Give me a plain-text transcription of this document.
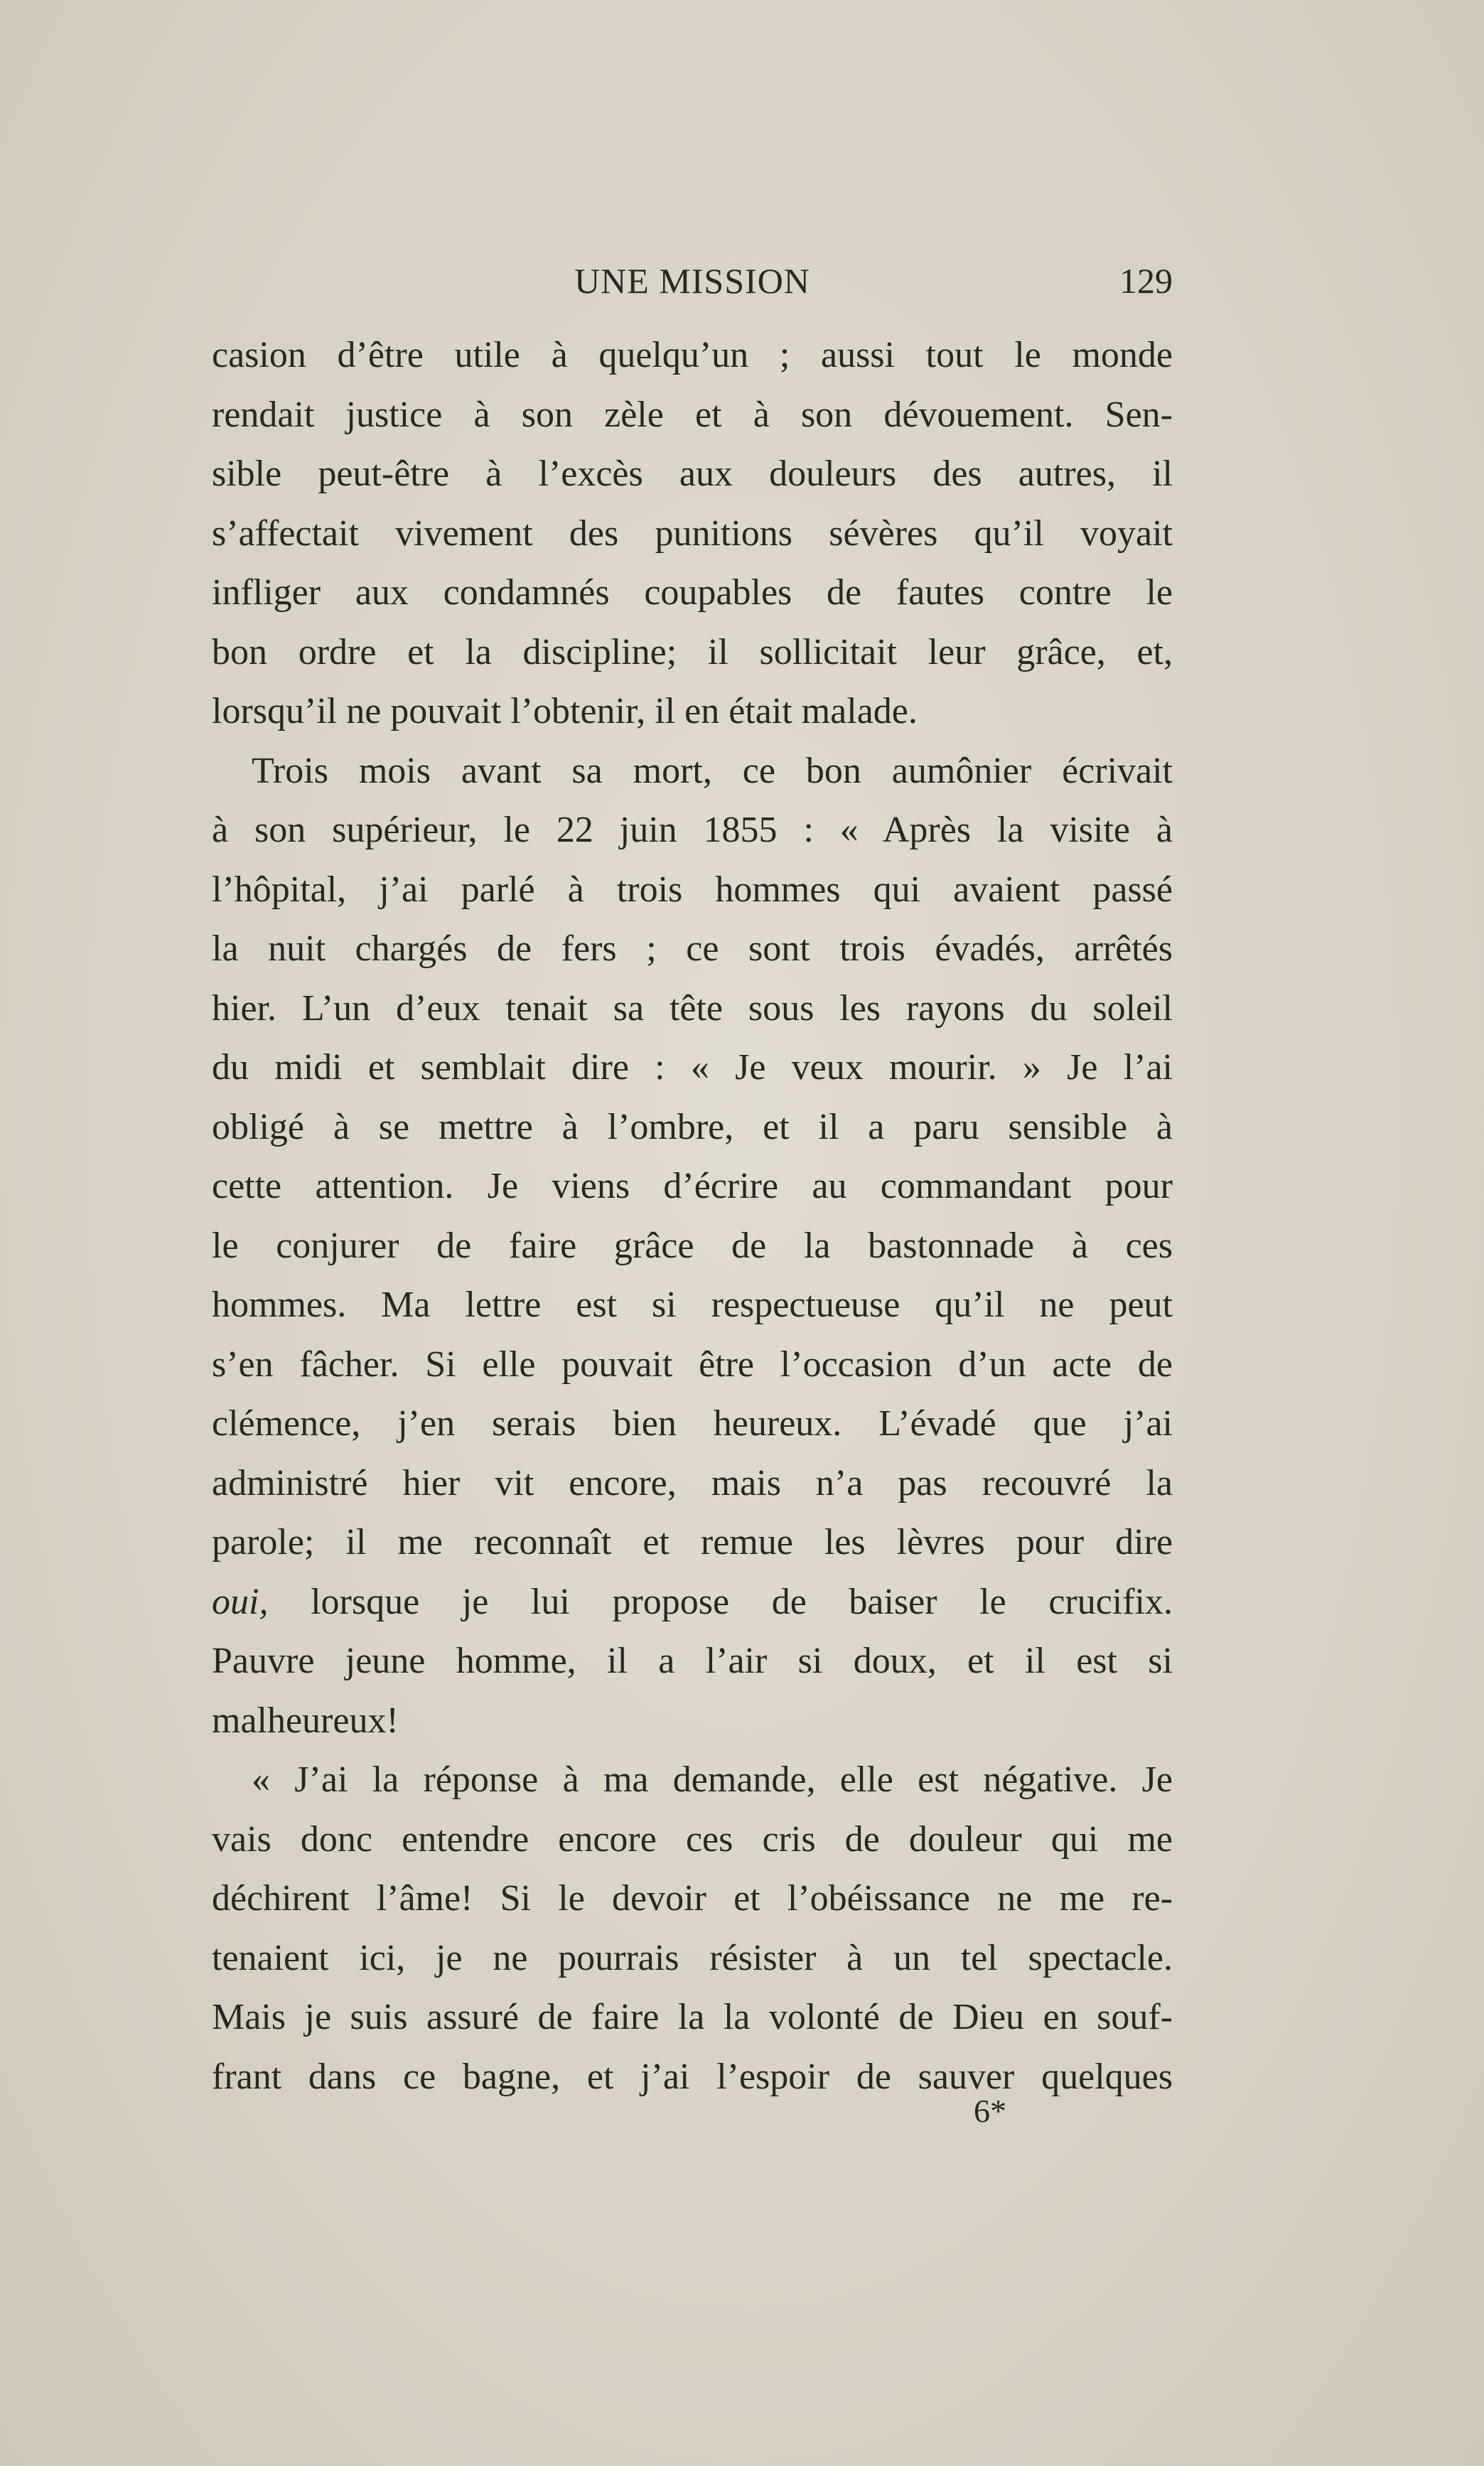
UNE MISSION	129
casion d’être utile à quelqu’un ; aussi tout le monde
rendait justice à son zèle et à son dévouement. Sen-
sible peut-être à l’excès aux douleurs des autres, il
s’affectait vivement des punitions sévères qu’il voyait
infliger aux condamnés coupables de fautes contre le
bon ordre et la discipline; il sollicitait leur grâce, et,
lorsqu’il ne pouvait l’obtenir, il en était malade.
Trois mois avant sa mort, ce bon aumônier écrivait
à son supérieur, le 22 juin 1855 : « Après la visite à
l’hôpital, j’ai parlé à trois hommes qui avaient passé
la nuit chargés de fers ; ce sont trois évadés, arrêtés
hier. L’un d’eux tenait sa tête sous les rayons du soleil
du midi et semblait dire : « Je veux mourir. » Je l’ai
obligé à se mettre à l’ombre, et il a paru sensible à
cette attention. Je viens d’écrire au commandant pour
le conjurer de faire grâce de la bastonnade à ces
hommes. Ma lettre est si respectueuse qu’il ne peut
s’en fâcher. Si elle pouvait être l’occasion d’un acte de
clémence, j’en serais bien heureux. L’évadé que j’ai
administré hier vit encore, mais n’a pas recouvré la
parole; il me reconnaît et remue les lèvres pour dire
oui, lorsque je lui propose de baiser le crucifix.
Pauvre jeune homme, il a l’air si doux, et il est si
malheureux!
« J’ai la réponse à ma demande, elle est négative. Je
vais donc entendre encore ces cris de douleur qui me
déchirent l’âme! Si le devoir et l’obéissance ne me re-
tenaient ici, je ne pourrais résister à un tel spectacle.
Mais je suis assuré de faire la la volonté de Dieu en souf-
frant dans ce bagne, et j’ai l’espoir de sauver quelques
6*
